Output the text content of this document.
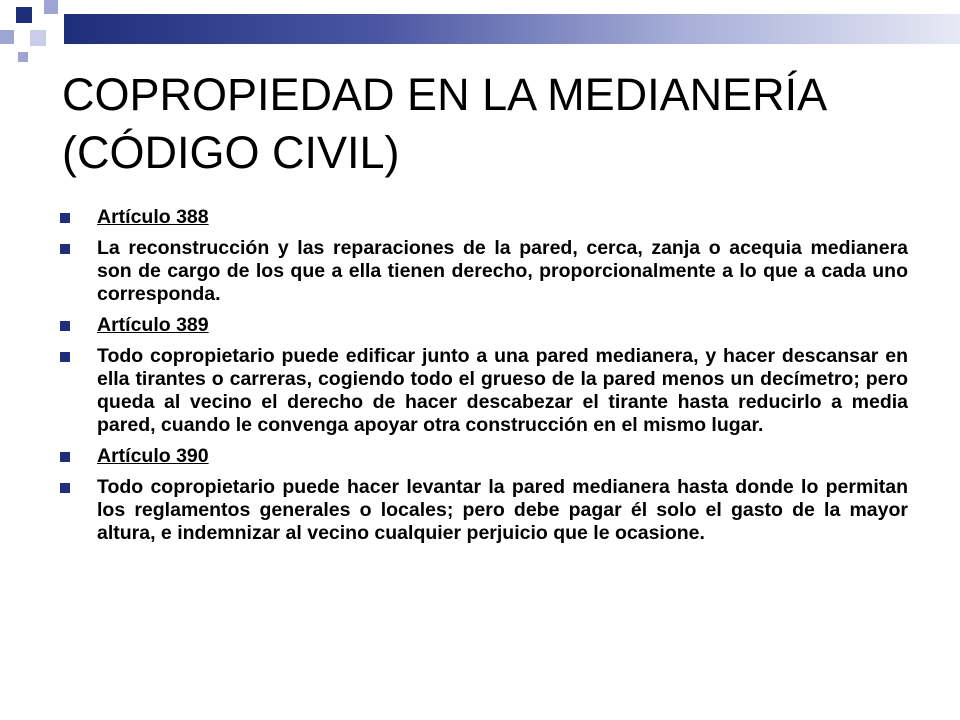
COPROPIEDAD EN LA MEDIANERÍA (CÓDIGO CIVIL)
Artículo 388
La reconstrucción y las reparaciones de la pared, cerca, zanja o acequia medianera son de cargo de los que a ella tienen derecho, proporcionalmente a lo que a cada uno corresponda.
Artículo 389
Todo copropietario puede edificar junto a una pared medianera, y hacer descansar en ella tirantes o carreras, cogiendo todo el grueso de la pared menos un decímetro; pero queda al vecino el derecho de hacer descabezar el tirante hasta reducirlo a media pared, cuando le convenga apoyar otra construcción en el mismo lugar.
Artículo 390
Todo copropietario puede hacer levantar la pared medianera hasta donde lo permitan los reglamentos generales o locales; pero debe pagar él solo el gasto de la mayor altura, e indemnizar al vecino cualquier perjuicio que le ocasione.
